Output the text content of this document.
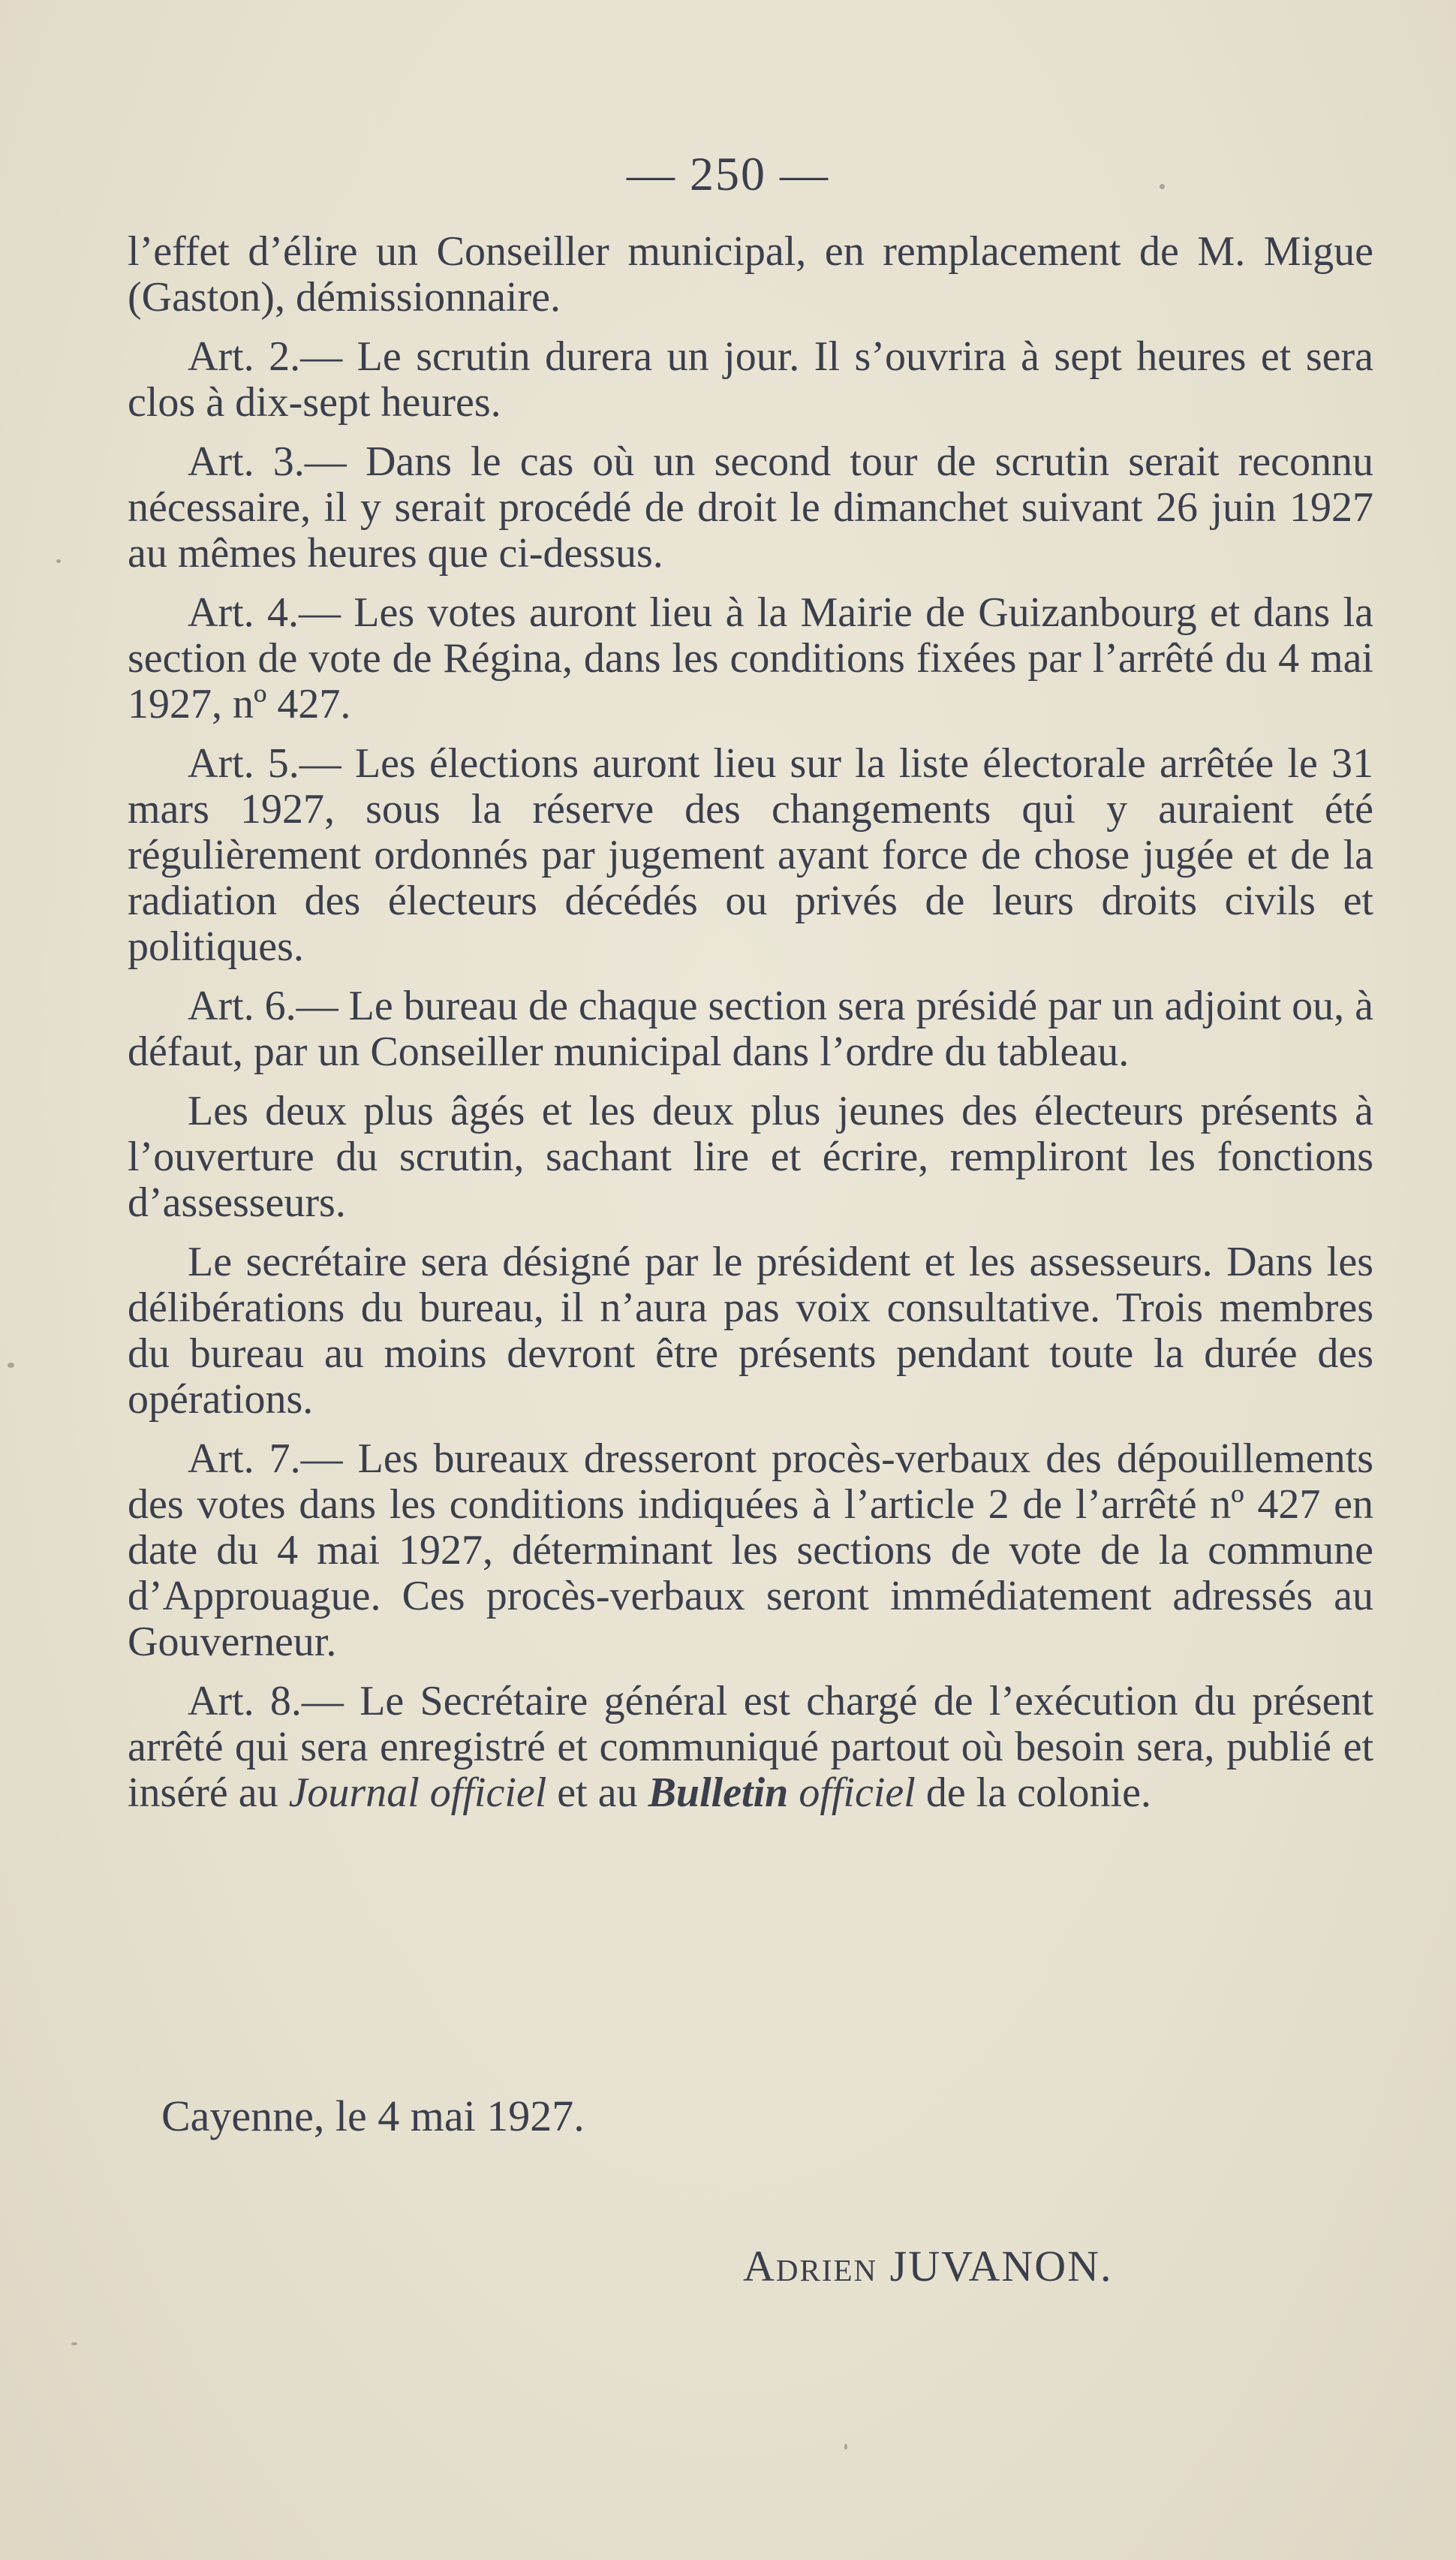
— 250 —

l’effet d’élire un Conseiller municipal, en remplacement de M. Migue (Gaston), démissionnaire.

Art. 2.— Le scrutin durera un jour. Il s’ouvrira à sept heures et sera clos à dix-sept heures.

Art. 3.— Dans le cas où un second tour de scrutin serait reconnu nécessaire, il y serait procédé de droit le dimanchet suivant 26 juin 1927 au mêmes heures que ci-dessus.

Art. 4.— Les votes auront lieu à la Mairie de Guizanbourg et dans la section de vote de Régina, dans les conditions fixées par l’arrêté du 4 mai 1927, nº 427.

Art. 5.— Les élections auront lieu sur la liste électorale arrêtée le 31 mars 1927, sous la réserve des changements qui y auraient été régulièrement ordonnés par jugement ayant force de chose jugée et de la radiation des électeurs décédés ou privés de leurs droits civils et politiques.

Art. 6.— Le bureau de chaque section sera présidé par un adjoint ou, à défaut, par un Conseiller municipal dans l’ordre du tableau.

Les deux plus âgés et les deux plus jeunes des électeurs présents à l’ouverture du scrutin, sachant lire et écrire, rempliront les fonctions d’assesseurs.

Le secrétaire sera désigné par le président et les assesseurs. Dans les délibérations du bureau, il n’aura pas voix consultative. Trois membres du bureau au moins devront être présents pendant toute la durée des opérations.

Art. 7.— Les bureaux dresseront procès-verbaux des dépouillements des votes dans les conditions indiquées à l’article 2 de l’arrêté nº 427 en date du 4 mai 1927, déterminant les sections de vote de la commune d’Approuague. Ces procès-verbaux seront immédiatement adressés au Gouverneur.

Art. 8.— Le Secrétaire général est chargé de l’exécution du présent arrêté qui sera enregistré et communiqué partout où besoin sera, publié et inséré au Journal officiel et au Bulletin officiel de la colonie.

Cayenne, le 4 mai 1927.
Adrien JUVANON.
